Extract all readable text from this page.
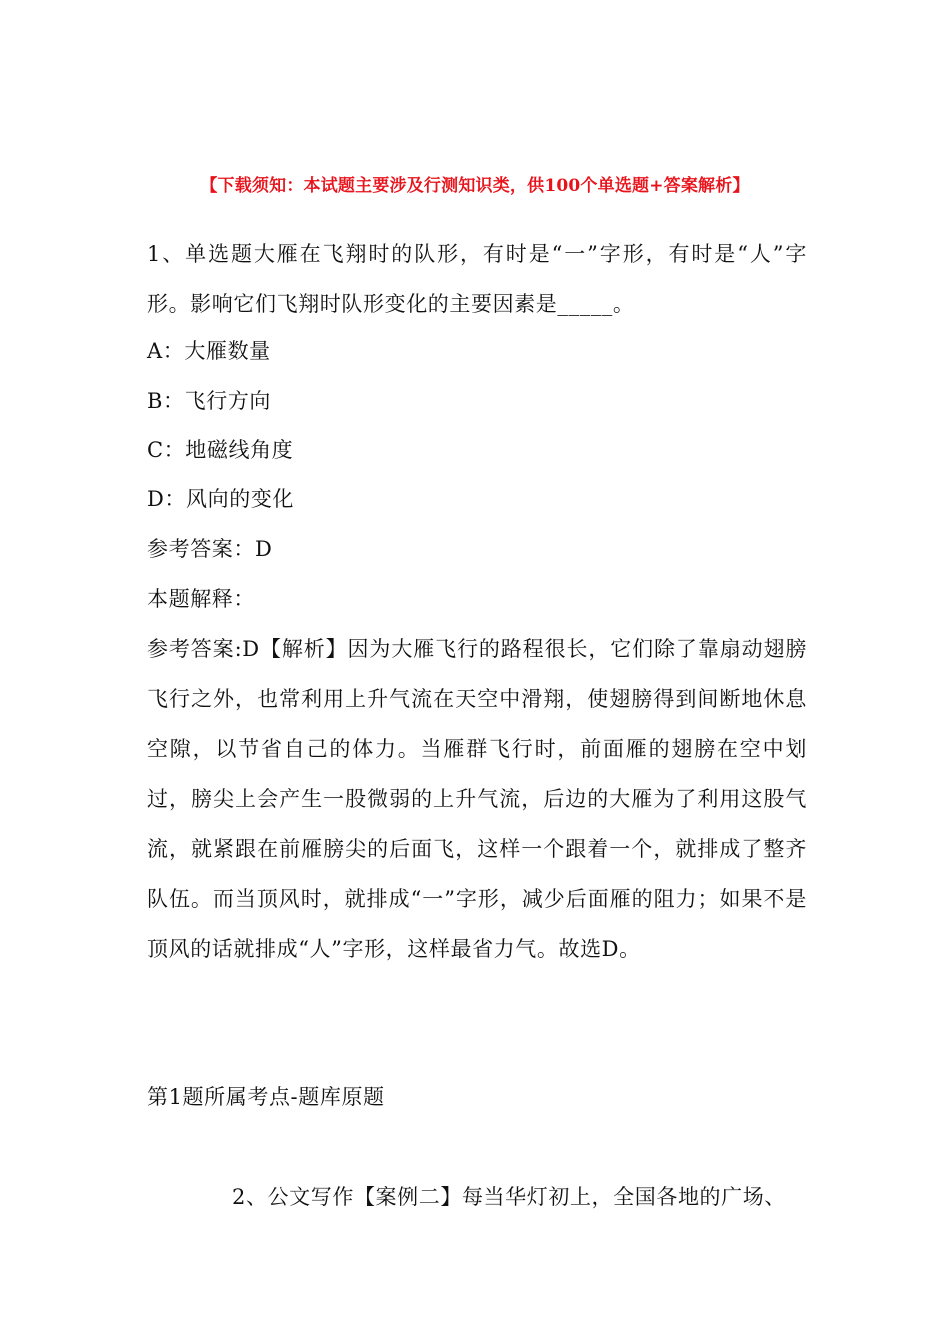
【下载须知：本试题主要涉及行测知识类，供100个单选题+答案解析】

1、单选题大雁在飞翔时的队形，有时是“一”字形，有时是“人”字形。影响它们飞翔时队形变化的主要因素是_____。

A：大雁数量
B：飞行方向
C：地磁线角度
D：风向的变化
参考答案：D
本题解释：

参考答案:D【解析】因为大雁飞行的路程很长，它们除了靠扇动翅膀飞行之外，也常利用上升气流在天空中滑翔，使翅膀得到间断地休息空隙，以节省自己的体力。当雁群飞行时，前面雁的翅膀在空中划过，膀尖上会产生一股微弱的上升气流，后边的大雁为了利用这股气流，就紧跟在前雁膀尖的后面飞，这样一个跟着一个，就排成了整齐队伍。而当顶风时，就排成“一”字形，减少后面雁的阻力；如果不是顶风的话就排成“人”字形，这样最省力气。故选D。

第1题所属考点-题库原题
2、公文写作【案例二】每当华灯初上，全国各地的广场、
